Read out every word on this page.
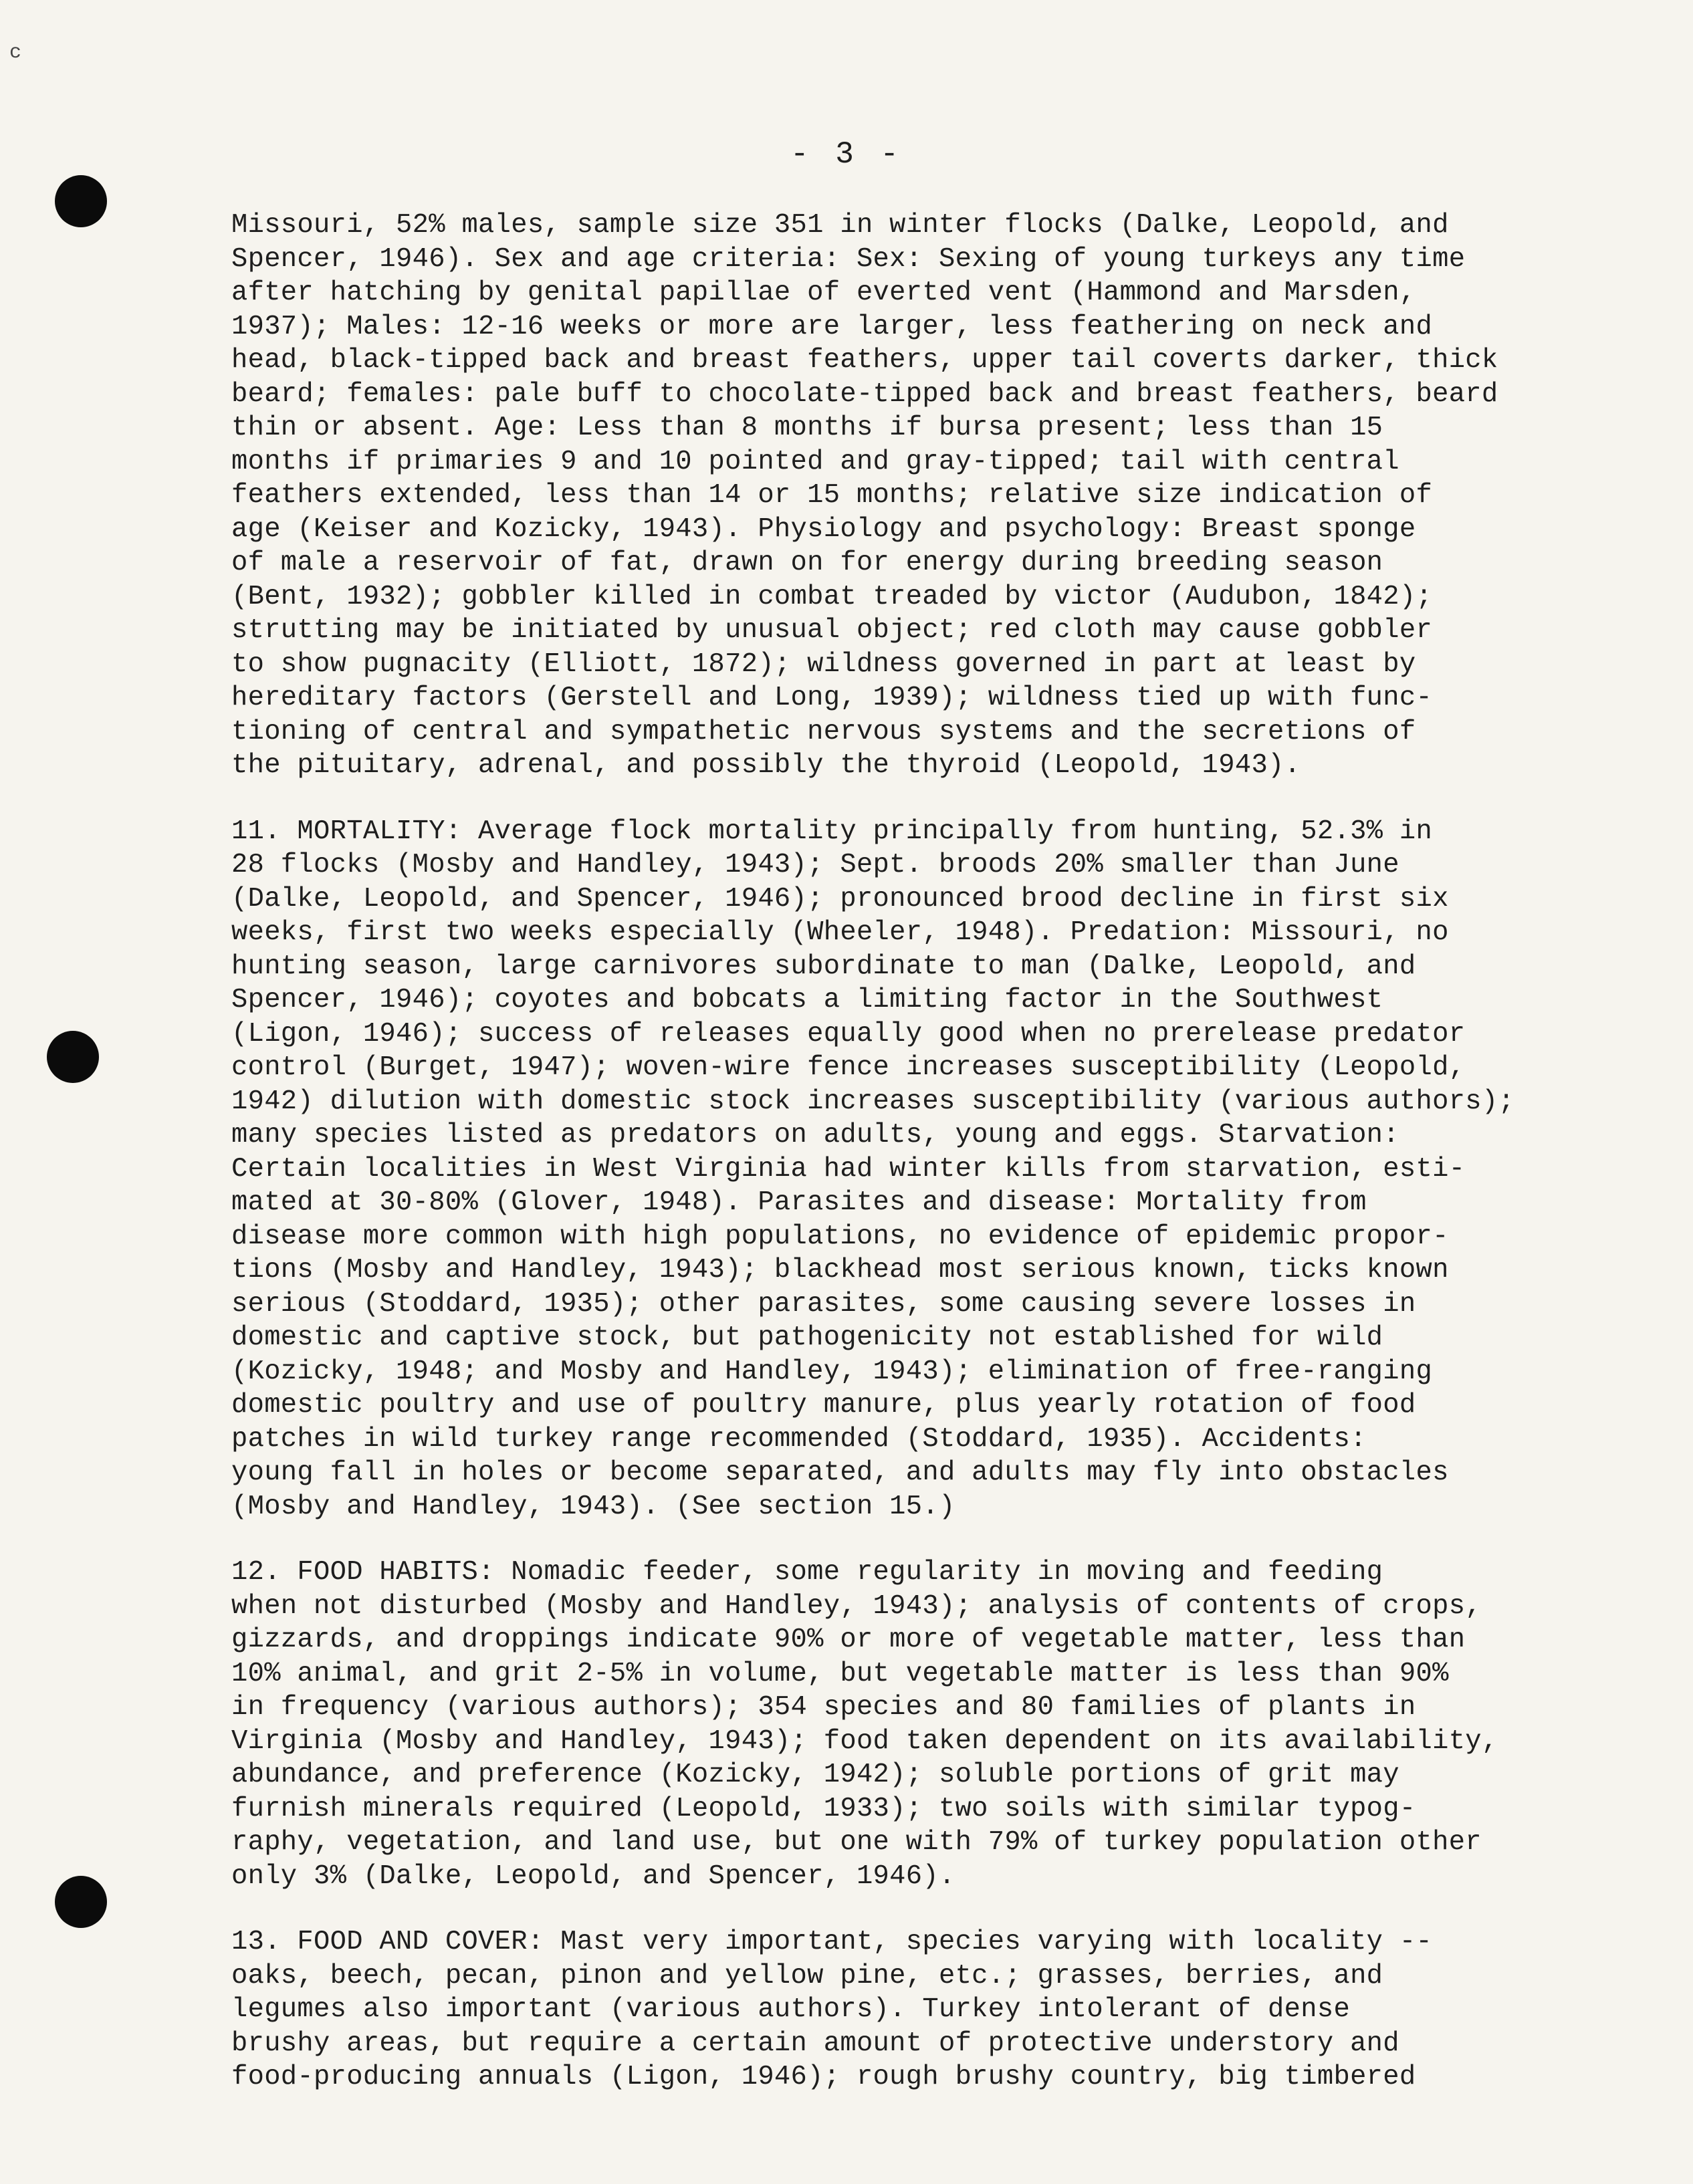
c
- 3 -
Missouri, 52% males, sample size 351 in winter flocks (Dalke, Leopold, and
Spencer, 1946). Sex and age criteria: Sex: Sexing of young turkeys any time
after hatching by genital papillae of everted vent (Hammond and Marsden,
1937); Males: 12-16 weeks or more are larger, less feathering on neck and
head, black-tipped back and breast feathers, upper tail coverts darker, thick
beard; females: pale buff to chocolate-tipped back and breast feathers, beard
thin or absent. Age: Less than 8 months if bursa present; less than 15
months if primaries 9 and 10 pointed and gray-tipped; tail with central
feathers extended, less than 14 or 15 months; relative size indication of
age (Keiser and Kozicky, 1943). Physiology and psychology: Breast sponge
of male a reservoir of fat, drawn on for energy during breeding season
(Bent, 1932); gobbler killed in combat treaded by victor (Audubon, 1842);
strutting may be initiated by unusual object; red cloth may cause gobbler
to show pugnacity (Elliott, 1872); wildness governed in part at least by
hereditary factors (Gerstell and Long, 1939); wildness tied up with func-
tioning of central and sympathetic nervous systems and the secretions of
the pituitary, adrenal, and possibly the thyroid (Leopold, 1943).
11. MORTALITY: Average flock mortality principally from hunting, 52.3% in
28 flocks (Mosby and Handley, 1943); Sept. broods 20% smaller than June
(Dalke, Leopold, and Spencer, 1946); pronounced brood decline in first six
weeks, first two weeks especially (Wheeler, 1948). Predation: Missouri, no
hunting season, large carnivores subordinate to man (Dalke, Leopold, and
Spencer, 1946); coyotes and bobcats a limiting factor in the Southwest
(Ligon, 1946); success of releases equally good when no prerelease predator
control (Burget, 1947); woven-wire fence increases susceptibility (Leopold,
1942) dilution with domestic stock increases susceptibility (various authors);
many species listed as predators on adults, young and eggs. Starvation:
Certain localities in West Virginia had winter kills from starvation, esti-
mated at 30-80% (Glover, 1948). Parasites and disease: Mortality from
disease more common with high populations, no evidence of epidemic propor-
tions (Mosby and Handley, 1943); blackhead most serious known, ticks known
serious (Stoddard, 1935); other parasites, some causing severe losses in
domestic and captive stock, but pathogenicity not established for wild
(Kozicky, 1948; and Mosby and Handley, 1943); elimination of free-ranging
domestic poultry and use of poultry manure, plus yearly rotation of food
patches in wild turkey range recommended (Stoddard, 1935). Accidents:
young fall in holes or become separated, and adults may fly into obstacles
(Mosby and Handley, 1943). (See section 15.)
12. FOOD HABITS: Nomadic feeder, some regularity in moving and feeding
when not disturbed (Mosby and Handley, 1943); analysis of contents of crops,
gizzards, and droppings indicate 90% or more of vegetable matter, less than
10% animal, and grit 2-5% in volume, but vegetable matter is less than 90%
in frequency (various authors); 354 species and 80 families of plants in
Virginia (Mosby and Handley, 1943); food taken dependent on its availability,
abundance, and preference (Kozicky, 1942); soluble portions of grit may
furnish minerals required (Leopold, 1933); two soils with similar typog-
raphy, vegetation, and land use, but one with 79% of turkey population other
only 3% (Dalke, Leopold, and Spencer, 1946).
13. FOOD AND COVER: Mast very important, species varying with locality --
oaks, beech, pecan, pinon and yellow pine, etc.; grasses, berries, and
legumes also important (various authors). Turkey intolerant of dense
brushy areas, but require a certain amount of protective understory and
food-producing annuals (Ligon, 1946); rough brushy country, big timbered
